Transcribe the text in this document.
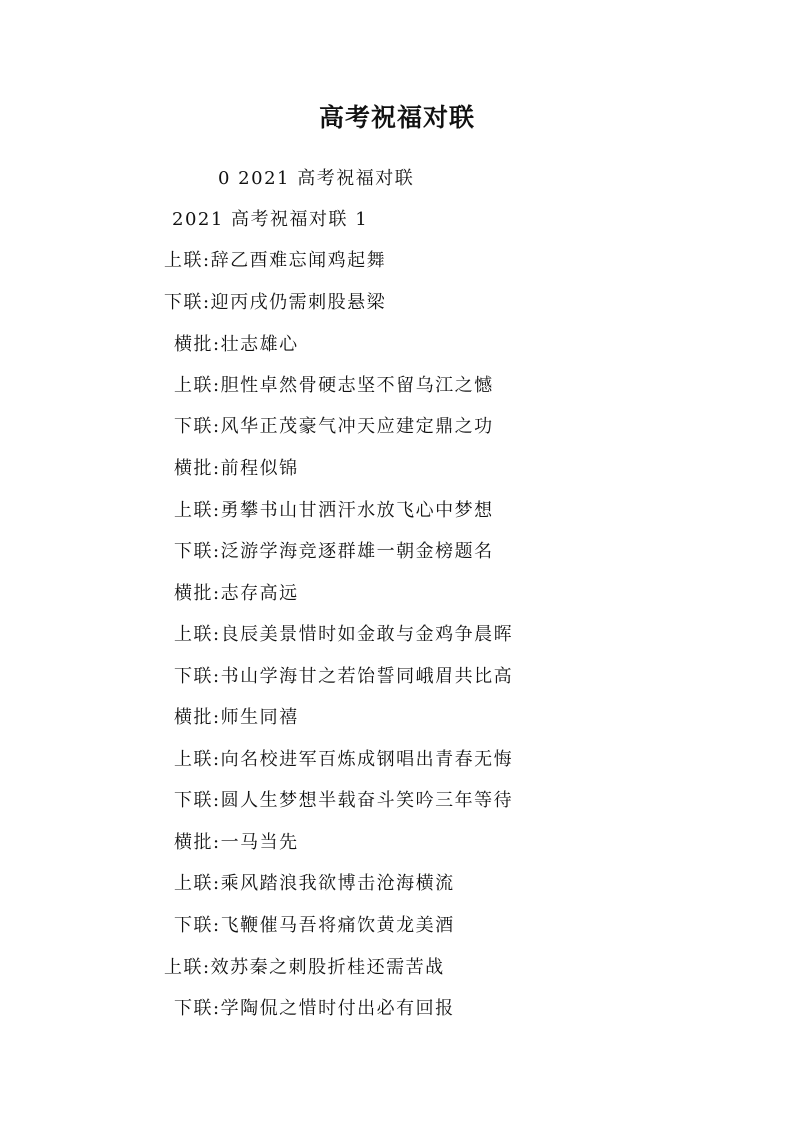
高考祝福对联
0 2021 高考祝福对联
2021 高考祝福对联 1
上联:辞乙酉难忘闻鸡起舞
下联:迎丙戌仍需刺股悬梁
横批:壮志雄心
上联:胆性卓然骨硬志坚不留乌江之憾
下联:风华正茂豪气冲天应建定鼎之功
横批:前程似锦
上联:勇攀书山甘洒汗水放飞心中梦想
下联:泛游学海竞逐群雄一朝金榜题名
横批:志存高远
上联:良辰美景惜时如金敢与金鸡争晨晖
下联:书山学海甘之若饴誓同峨眉共比高
横批:师生同禧
上联:向名校进军百炼成钢唱出青春无悔
下联:圆人生梦想半载奋斗笑吟三年等待
横批:一马当先
上联:乘风踏浪我欲博击沧海横流
下联:飞鞭催马吾将痛饮黄龙美酒
上联:效苏秦之刺股折桂还需苦战
下联:学陶侃之惜时付出必有回报
